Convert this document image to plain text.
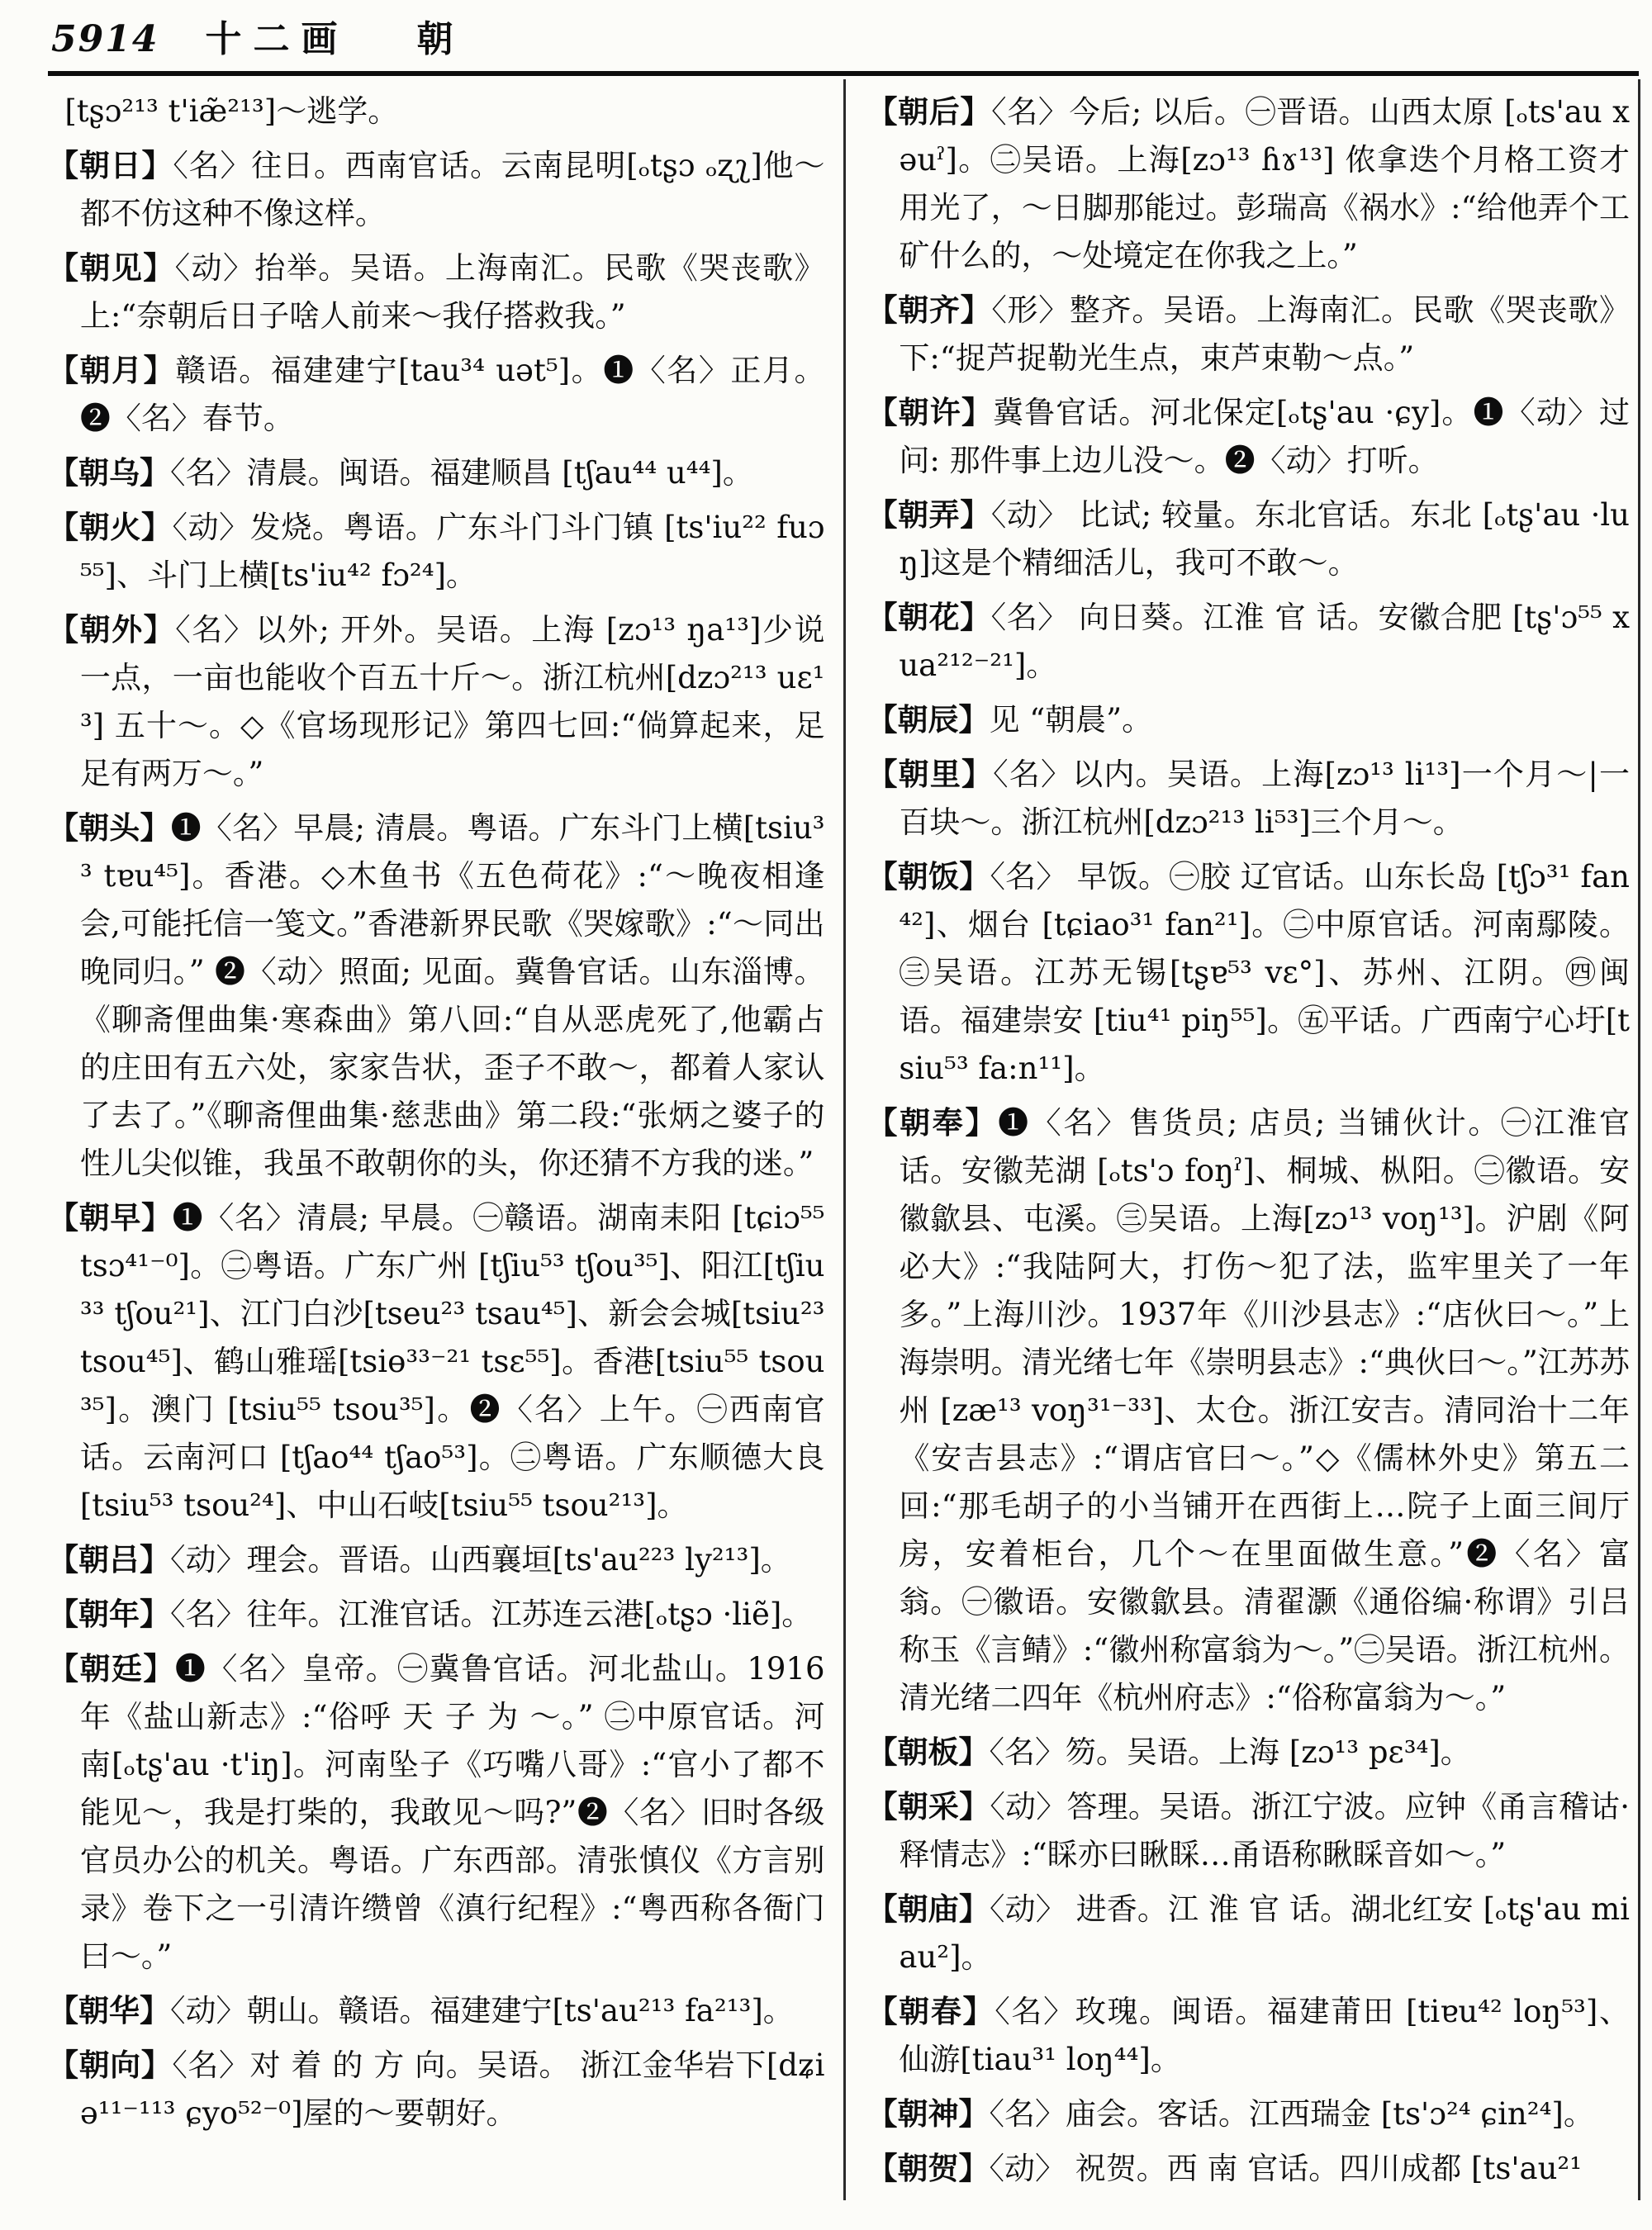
5914 十二画 朝

[tʂɔ²¹³ t'iæ̃²¹³]～逃学。

【朝日】〈名〉往日。西南官话。云南昆明[ₒtʂɔ ₒʐʅ]他～都不仿这种不像这样。

【朝见】〈动〉抬举。吴语。上海南汇。民歌《哭丧歌》上:“奈朝后日子啥人前来～我仔搭救我。”

【朝月】赣语。福建建宁[tau³⁴ uət⁵]。❶〈名〉正月。❷〈名〉春节。

【朝乌】〈名〉清晨。闽语。福建顺昌 [tʃau⁴⁴ u⁴⁴]。

【朝火】〈动〉发烧。粤语。广东斗门斗门镇 [ts'iu²² fuɔ⁵⁵]、斗门上横[ts'iu⁴² fɔ²⁴]。

【朝外】〈名〉以外; 开外。吴语。上海 [zɔ¹³ ŋa¹³]少说一点，一亩也能收个百五十斤～。浙江杭州[dzɔ²¹³ uɛ¹³] 五十～。◇《官场现形记》第四七回:“倘算起来，足足有两万～。”

【朝头】❶〈名〉早晨; 清晨。粤语。广东斗门上横[tsiu³³ tɐu⁴⁵]。香港。◇木鱼书《五色荷花》:“～晚夜相逢会,可能托信一笺文。”香港新界民歌《哭嫁歌》:“～同出晚同归。” ❷〈动〉照面; 见面。冀鲁官话。山东淄博。《聊斋俚曲集·寒森曲》第八回:“自从恶虎死了,他霸占的庄田有五六处，家家告状，歪子不敢～，都着人家认了去了。”《聊斋俚曲集·慈悲曲》第二段:“张炳之婆子的性儿尖似锥，我虽不敢朝你的头，你还猜不方我的迷。”

【朝早】❶〈名〉清晨; 早晨。㊀赣语。湖南耒阳 [tɕiɔ⁵⁵ tsɔ⁴¹⁻⁰]。㊁粤语。广东广州 [tʃiu⁵³ tʃou³⁵]、阳江[tʃiu³³ tʃou²¹]、江门白沙[tseu²³ tsau⁴⁵]、新会会城[tsiu²³ tsou⁴⁵]、鹤山雅瑶[tsiɵ³³⁻²¹ tsɛ⁵⁵]。香港[tsiu⁵⁵ tsou³⁵]。澳门 [tsiu⁵⁵ tsou³⁵]。❷〈名〉上午。㊀西南官话。云南河口 [tʃao⁴⁴ tʃao⁵³]。㊁粤语。广东顺德大良 [tsiu⁵³ tsou²⁴]、中山石岐[tsiu⁵⁵ tsou²¹³]。

【朝吕】〈动〉理会。晋语。山西襄垣[ts'au²²³ ly²¹³]。

【朝年】〈名〉往年。江淮官话。江苏连云港[ₒtʂɔ ·liẽ]。

【朝廷】❶〈名〉皇帝。㊀冀鲁官话。河北盐山。1916年《盐山新志》:“俗呼 天 子 为 ～。” ㊁中原官话。河南[ₒtʂ'au ·t'iŋ]。河南坠子《巧嘴八哥》:“官小了都不能见～，我是打柴的，我敢见～吗?”❷〈名〉旧时各级官员办公的机关。粤语。广东西部。清张慎仪《方言别录》卷下之一引清许缵曾《滇行纪程》:“粤西称各衙门曰～。”

【朝华】〈动〉朝山。赣语。福建建宁[ts'au²¹³ fa²¹³]。

【朝向】〈名〉对 着 的 方 向。吴语。 浙江金华岩下[dʑiə¹¹⁻¹¹³ ɕyo⁵²⁻⁰]屋的～要朝好。

【朝后】〈名〉今后; 以后。㊀晋语。山西太原 [ₒts'au xəuˀ]。㊁吴语。上海[zɔ¹³ ɦɤ¹³] 侬拿迭个月格工资才用光了，～日脚那能过。彭瑞高《祸水》:“给他弄个工矿什么的，～处境定在你我之上。”

【朝齐】〈形〉整齐。吴语。上海南汇。民歌《哭丧歌》下:“捉芦捉勒光生点，束芦束勒～点。”

【朝许】冀鲁官话。河北保定[ₒtʂ'au ·ɕy]。❶〈动〉过问: 那件事上边儿没～。❷〈动〉打听。

【朝弄】〈动〉 比试; 较量。东北官话。东北 [ₒtʂ'au ·luŋ]这是个精细活儿，我可不敢～。

【朝花】〈名〉 向日葵。江淮 官 话。安徽合肥 [tʂ'ɔ⁵⁵ xua²¹²⁻²¹]。

【朝辰】见 “朝晨”。

【朝里】〈名〉以内。吴语。上海[zɔ¹³ li¹³]一个月～|一百块～。浙江杭州[dzɔ²¹³ li⁵³]三个月～。

【朝饭】〈名〉 早饭。㊀胶 辽官话。山东长岛 [tʃɔ³¹ fan⁴²]、烟台 [tɕiao³¹ fan²¹]。㊁中原官话。河南鄢陵。㊂吴语。江苏无锡[tʂɐ⁵³ vɛ°]、苏州、江阴。㊃闽语。福建崇安 [tiu⁴¹ piŋ⁵⁵]。㊄平话。广西南宁心圩[tsiu⁵³ fa:n¹¹]。

【朝奉】❶〈名〉售货员; 店员; 当铺伙计。㊀江淮官话。安徽芜湖 [ₒts'ɔ foŋˀ]、桐城、枞阳。㊁徽语。安徽歙县、屯溪。㊂吴语。上海[zɔ¹³ voŋ¹³]。沪剧《阿必大》:“我陆阿大，打伤～犯了法，监牢里关了一年多。”上海川沙。1937年《川沙县志》:“店伙曰～。”上海崇明。清光绪七年《崇明县志》:“典伙曰～。”江苏苏州 [zæ¹³ voŋ³¹⁻³³]、太仓。浙江安吉。清同治十二年《安吉县志》:“谓店官曰～。”◇《儒林外史》第五二回:“那毛胡子的小当铺开在西街上…院子上面三间厅房，安着柜台，几个～在里面做生意。”❷〈名〉富翁。㊀徽语。安徽歙县。清翟灏《通俗编·称谓》引吕称玉《言鲭》:“徽州称富翁为～。”㊁吴语。浙江杭州。清光绪二四年《杭州府志》:“俗称富翁为～。”

【朝板】〈名〉笏。吴语。上海 [zɔ¹³ pɛ³⁴]。

【朝采】〈动〉答理。吴语。浙江宁波。应钟《甬言稽诂·释情志》:“睬亦曰瞅睬…甬语称瞅睬音如～。”

【朝庙】〈动〉 进香。江 淮 官 话。湖北红安 [ₒtʂ'au miau²]。

【朝春】〈名〉玫瑰。闽语。福建莆田 [tiɐu⁴² loŋ⁵³]、仙游[tiau³¹ loŋ⁴⁴]。

【朝神】〈名〉庙会。客话。江西瑞金 [ts'ɔ²⁴ ɕin²⁴]。

【朝贺】〈动〉 祝贺。西 南 官话。四川成都 [ts'au²¹
